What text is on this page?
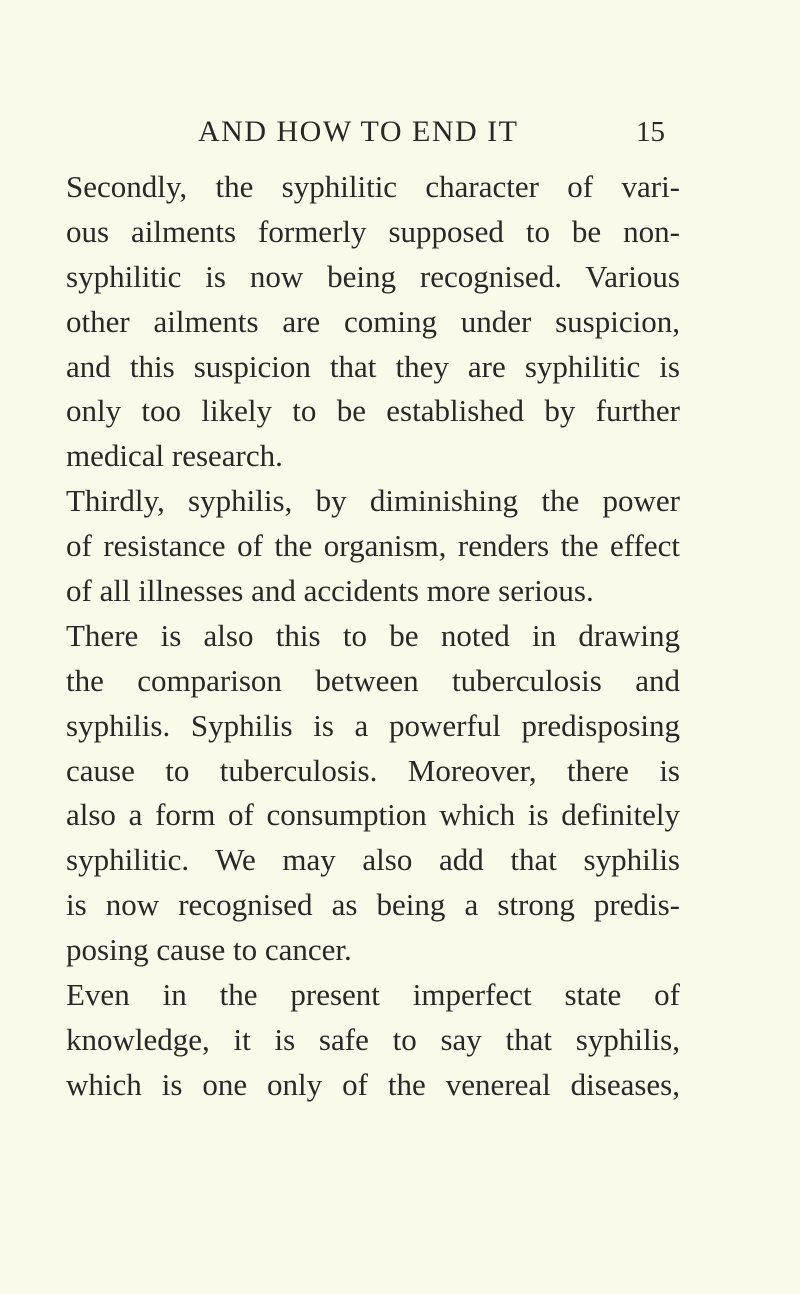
AND HOW TO END IT	15
Secondly, the syphilitic character of vari-
ous ailments formerly supposed to be non-
syphilitic is now being recognised. Various
other ailments are coming under suspicion,
and this suspicion that they are syphilitic is
only too likely to be established by further
medical research.
Thirdly, syphilis, by diminishing the power
of resistance of the organism, renders the effect
of all illnesses and accidents more serious.
There is also this to be noted in drawing
the comparison between tuberculosis and
syphilis. Syphilis is a powerful predisposing
cause to tuberculosis. Moreover, there is
also a form of consumption which is definitely
syphilitic. We may also add that syphilis
is now recognised as being a strong predis-
posing cause to cancer.
Even in the present imperfect state of
knowledge, it is safe to say that syphilis,
which is one only of the venereal diseases,
